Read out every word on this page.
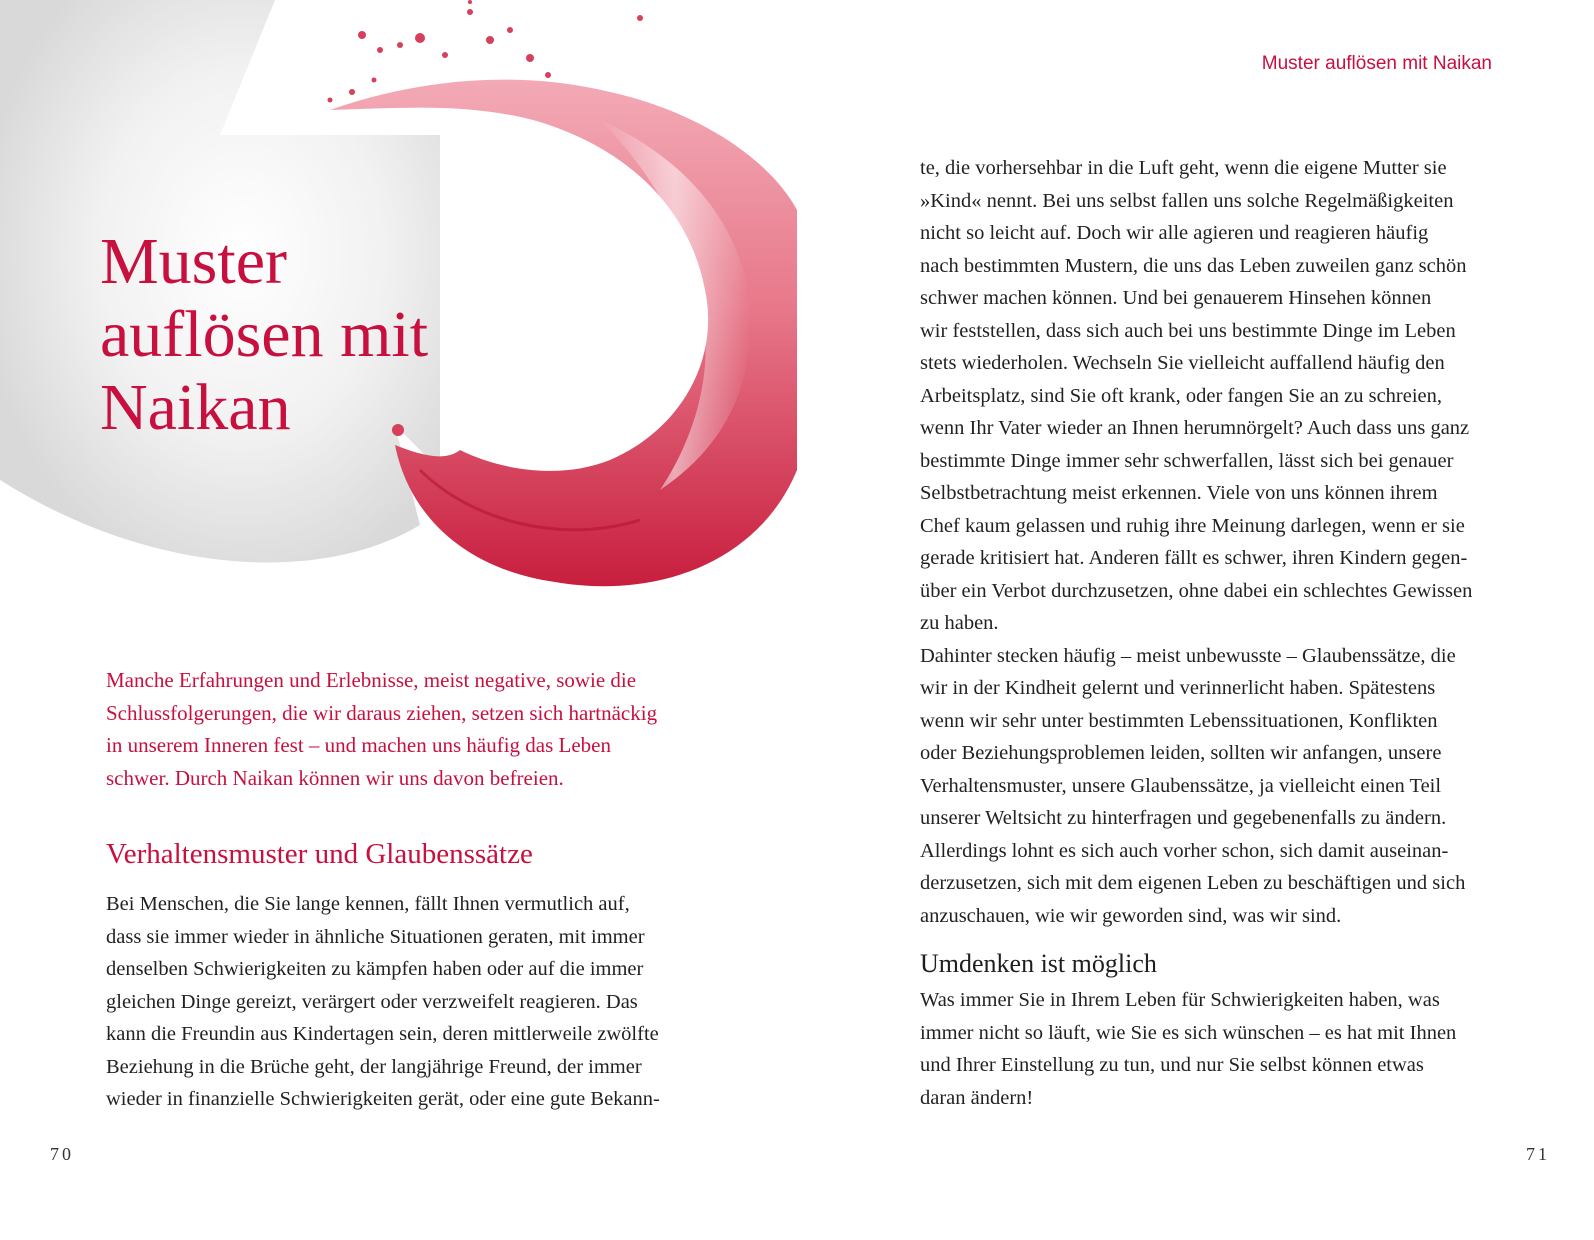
Muster
auflösen mit
Naikan

Manche Erfahrungen und Erlebnisse, meist negative, sowie die
Schlussfolgerungen, die wir daraus ziehen, setzen sich hartnäckig
in unserem Inneren fest – und machen uns häufig das Leben
schwer. Durch Naikan können wir uns davon befreien.

Verhaltensmuster und Glaubenssätze

Bei Menschen, die Sie lange kennen, fällt Ihnen vermutlich auf,
dass sie immer wieder in ähnliche Situationen geraten, mit immer
denselben Schwierigkeiten zu kämpfen haben oder auf die immer
gleichen Dinge gereizt, verärgert oder verzweifelt reagieren. Das
kann die Freundin aus Kindertagen sein, deren mittlerweile zwölfte
Beziehung in die Brüche geht, der langjährige Freund, der immer
wieder in finanzielle Schwierigkeiten gerät, oder eine gute Bekann-

70
Muster auflösen mit Naikan

te, die vorhersehbar in die Luft geht, wenn die eigene Mutter sie
»Kind« nennt. Bei uns selbst fallen uns solche Regelmäßigkeiten
nicht so leicht auf. Doch wir alle agieren und reagieren häufig
nach bestimmten Mustern, die uns das Leben zuweilen ganz schön
schwer machen können. Und bei genauerem Hinsehen können
wir feststellen, dass sich auch bei uns bestimmte Dinge im Leben
stets wiederholen. Wechseln Sie vielleicht auffallend häufig den
Arbeitsplatz, sind Sie oft krank, oder fangen Sie an zu schreien,
wenn Ihr Vater wieder an Ihnen herumnörgelt? Auch dass uns ganz
bestimmte Dinge immer sehr schwerfallen, lässt sich bei genauer
Selbstbetrachtung meist erkennen. Viele von uns können ihrem
Chef kaum gelassen und ruhig ihre Meinung darlegen, wenn er sie
gerade kritisiert hat. Anderen fällt es schwer, ihren Kindern gegen-
über ein Verbot durchzusetzen, ohne dabei ein schlechtes Gewissen
zu haben.
Dahinter stecken häufig – meist unbewusste – Glaubenssätze, die
wir in der Kindheit gelernt und verinnerlicht haben. Spätestens
wenn wir sehr unter bestimmten Lebenssituationen, Konflikten
oder Beziehungsproblemen leiden, sollten wir anfangen, unsere
Verhaltensmuster, unsere Glaubenssätze, ja vielleicht einen Teil
unserer Weltsicht zu hinterfragen und gegebenenfalls zu ändern.
Allerdings lohnt es sich auch vorher schon, sich damit auseinan-
derzusetzen, sich mit dem eigenen Leben zu beschäftigen und sich
anzuschauen, wie wir geworden sind, was wir sind.

Umdenken ist möglich

Was immer Sie in Ihrem Leben für Schwierigkeiten haben, was
immer nicht so läuft, wie Sie es sich wünschen – es hat mit Ihnen
und Ihrer Einstellung zu tun, und nur Sie selbst können etwas
daran ändern!

71
